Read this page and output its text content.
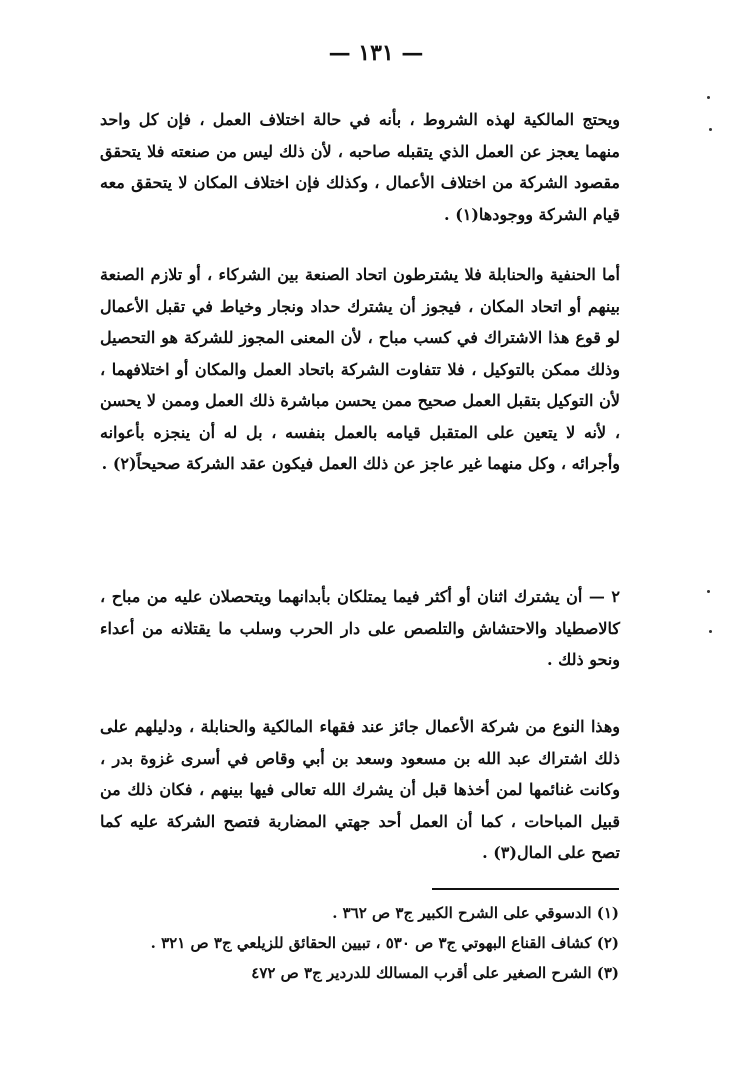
— ١٣١ —

ويحتج المالكية لهذه الشروط ، بأنه في حالة اختلاف العمل ، فإن كل واحد منهما يعجز عن العمل الذي يتقبله صاحبه ، لأن ذلك ليس من صنعته فلا يتحقق مقصود الشركة من اختلاف الأعمال ، وكذلك فإن اختلاف المكان لا يتحقق معه قيام الشركة ووجودها(١) .

أما الحنفية والحنابلة فلا يشترطون اتحاد الصنعة بين الشركاء ، أو تلازم الصنعة بينهم أو اتحاد المكان ، فيجوز أن يشترك حداد ونجار وخياط في تقبل الأعمال لو قوع هذا الاشتراك في كسب مباح ، لأن المعنى المجوز للشركة هو التحصيل وذلك ممكن بالتوكيل ، فلا تتفاوت الشركة باتحاد العمل والمكان أو اختلافهما ، لأن التوكيل بتقبل العمل صحيح ممن يحسن مباشرة ذلك العمل وممن لا يحسن ، لأنه لا يتعين على المتقبل قيامه بالعمل بنفسه ، بل له أن ينجزه بأعوانه وأجرائه ، وكل منهما غير عاجز عن ذلك العمل فيكون عقد الشركة صحيحاً(٢) .

٢ — أن يشترك اثنان أو أكثر فيما يمتلكان بأبدانهما ويتحصلان عليه من مباح ، كالاصطياد والاحتشاش والتلصص على دار الحرب وسلب ما يقتلانه من أعداء ونحو ذلك .

وهذا النوع من شركة الأعمال جائز عند فقهاء المالكية والحنابلة ، ودليلهم على ذلك اشتراك عبد الله بن مسعود وسعد بن أبي وقاص في أسرى غزوة بدر ، وكانت غنائمها لمن أخذها قبل أن يشرك الله تعالى فيها بينهم ، فكان ذلك من قبيل المباحات ، كما أن العمل أحد جهتي المضاربة فتصح الشركة عليه كما تصح على المال(٣) .

(١) الدسوقي على الشرح الكبير ج٣ ص ٣٦٢ .
(٢) كشاف القناع البهوتي ج٣ ص ٥٣٠ ، تبيين الحقائق للزيلعي ج٣ ص ٣٢١ .
(٣) الشرح الصغير على أقرب المسالك للدردير ج٣ ص ٤٧٢
